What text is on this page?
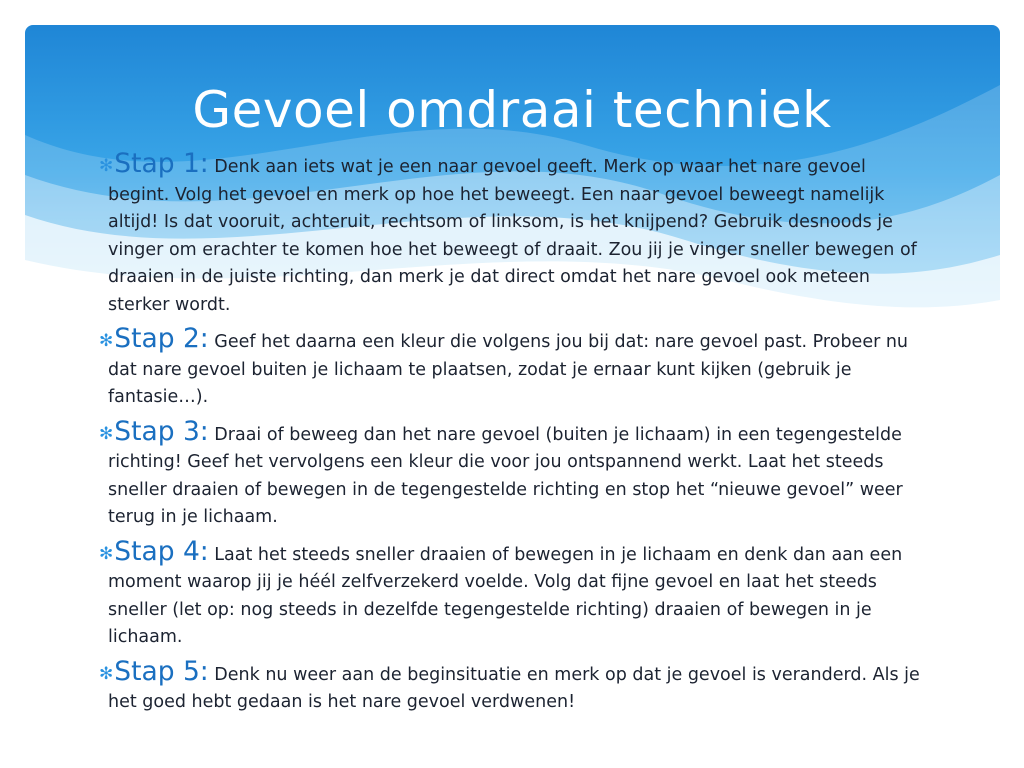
Gevoel omdraai techniek

✻Stap 1: Denk aan iets wat je een naar gevoel geeft. Merk op waar het nare gevoel begint. Volg het gevoel en merk op hoe het beweegt. Een naar gevoel beweegt namelijk altijd! Is dat vooruit, achteruit, rechtsom of linksom, is het knijpend? Gebruik desnoods je vinger om erachter te komen hoe het beweegt of draait. Zou jij je vinger sneller bewegen of draaien in de juiste richting, dan merk je dat direct omdat het nare gevoel ook meteen sterker wordt.

✻Stap 2: Geef het daarna een kleur die volgens jou bij dat: nare gevoel past. Probeer nu dat nare gevoel buiten je lichaam te plaatsen, zodat je ernaar kunt kijken (gebruik je fantasie…).

✻Stap 3: Draai of beweeg dan het nare gevoel (buiten je lichaam) in een tegengestelde richting! Geef het vervolgens een kleur die voor jou ontspannend werkt. Laat het steeds sneller draaien of bewegen in de tegengestelde richting en stop het “nieuwe gevoel” weer terug in je lichaam.

✻Stap 4: Laat het steeds sneller draaien of bewegen in je lichaam en denk dan aan een moment waarop jij je héél zelfverzekerd voelde. Volg dat fijne gevoel en laat het steeds sneller (let op: nog steeds in dezelfde tegengestelde richting) draaien of bewegen in je lichaam.

✻Stap 5: Denk nu weer aan de beginsituatie en merk op dat je gevoel is veranderd. Als je het goed hebt gedaan is het nare gevoel verdwenen!
